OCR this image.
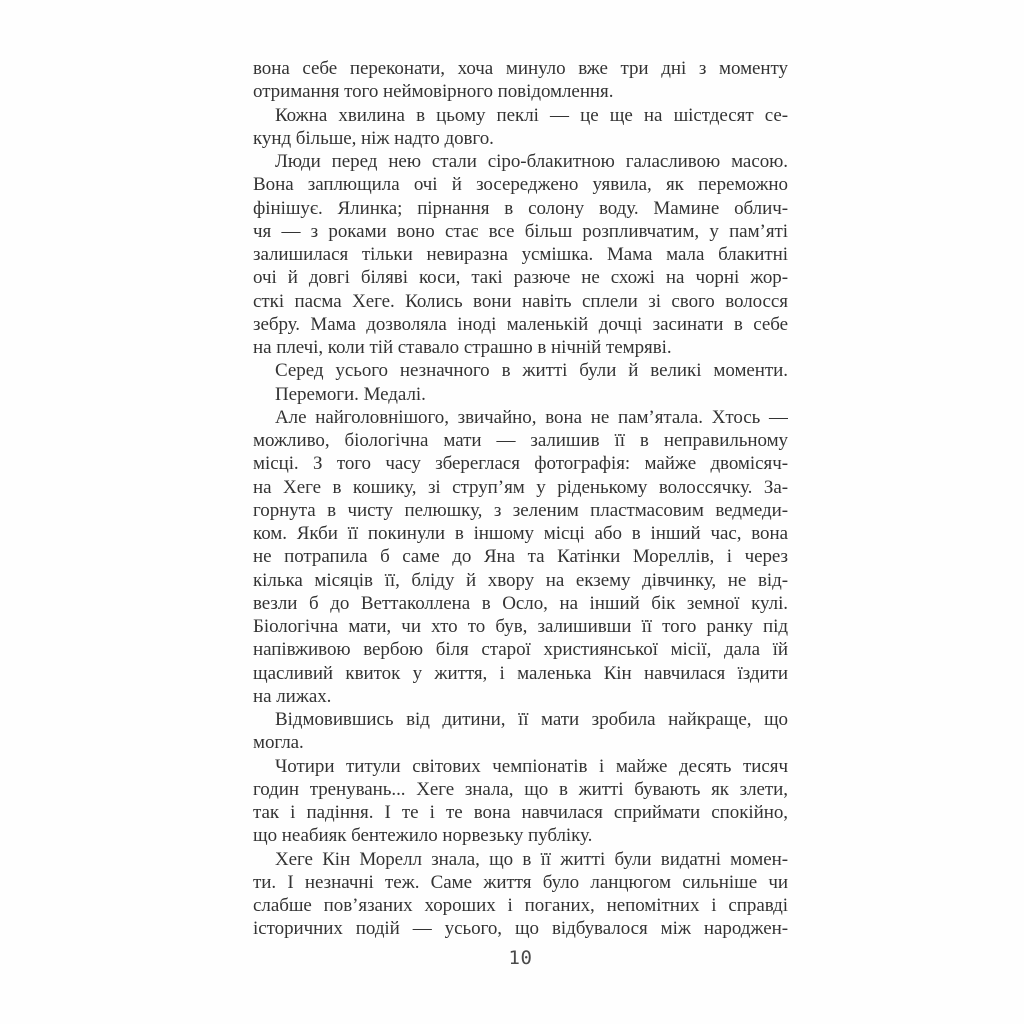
вона себе переконати, хоча минуло вже три дні з моменту
отримання того неймовірного повідомлення.
Кожна хвилина в цьому пеклі — це ще на шістдесят се-
кунд більше, ніж надто довго.
Люди перед нею стали сіро-блакитною галасливою масою.
Вона заплющила очі й зосереджено уявила, як переможно
фінішує. Ялинка; пірнання в солону воду. Мамине облич-
чя — з роками воно стає все більш розпливчатим, у пам’яті
залишилася тільки невиразна усмішка. Мама мала блакитні
очі й довгі біляві коси, такі разюче не схожі на чорні жор-
сткі пасма Хеге. Колись вони навіть сплели зі свого волосся
зебру. Мама дозволяла іноді маленькій дочці засинати в себе
на плечі, коли тій ставало страшно в нічній темряві.
Серед усього незначного в житті були й великі моменти.
Перемоги. Медалі.
Але найголовнішого, звичайно, вона не пам’ятала. Хтось —
можливо, біологічна мати — залишив її в неправильному
місці. З того часу збереглася фотографія: майже двомісяч-
на Хеге в кошику, зі струп’ям у ріденькому волоссячку. За-
горнута в чисту пелюшку, з зеленим пластмасовим ведмеди-
ком. Якби її покинули в іншому місці або в інший час, вона
не потрапила б саме до Яна та Катінки Мореллів, і через
кілька місяців її, бліду й хвору на екзему дівчинку, не від-
везли б до Веттаколлена в Осло, на інший бік земної кулі.
Біологічна мати, чи хто то був, залишивши її того ранку під
напівживою вербою біля старої християнської місії, дала їй
щасливий квиток у життя, і маленька Кін навчилася їздити
на лижах.
Відмовившись від дитини, її мати зробила найкраще, що
могла.
Чотири титули світових чемпіонатів і майже десять тисяч
годин тренувань... Хеге знала, що в житті бувають як злети,
так і падіння. І те і те вона навчилася сприймати спокійно,
що неабияк бентежило норвезьку публіку.
Хеге Кін Морелл знала, що в її житті були видатні момен-
ти. І незначні теж. Саме життя було ланцюгом сильніше чи
слабше пов’язаних хороших і поганих, непомітних і справді
історичних подій — усього, що відбувалося між народжен-
10
